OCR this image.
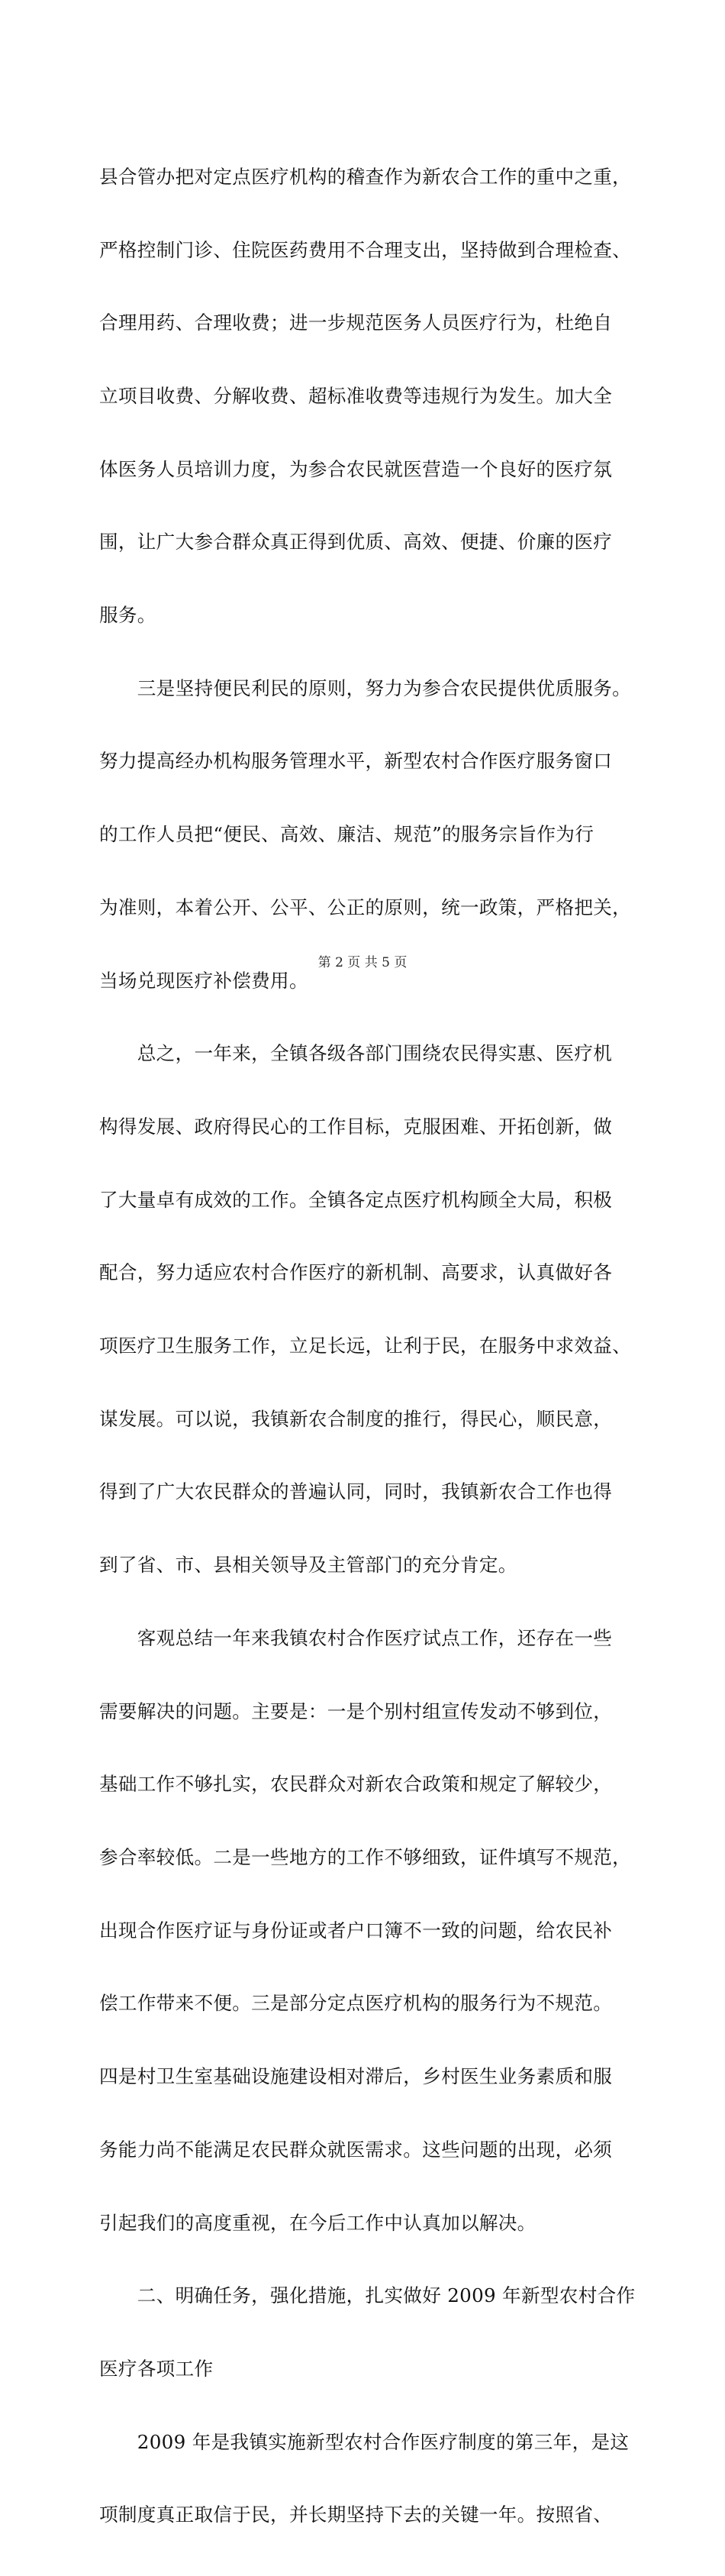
县合管办把对定点医疗机构的稽查作为新农合工作的重中之重，

严格控制门诊、住院医药费用不合理支出，坚持做到合理检查、

合理用药、合理收费；进一步规范医务人员医疗行为，杜绝自

立项目收费、分解收费、超标准收费等违规行为发生。加大全

体医务人员培训力度，为参合农民就医营造一个良好的医疗氛

围，让广大参合群众真正得到优质、高效、便捷、价廉的医疗

服务。

　　三是坚持便民利民的原则，努力为参合农民提供优质服务。

努力提高经办机构服务管理水平，新型农村合作医疗服务窗口

的工作人员把“便民、高效、廉洁、规范”的服务宗旨作为行

为准则，本着公开、公平、公正的原则，统一政策，严格把关，

当场兑现医疗补偿费用。

　　总之，一年来，全镇各级各部门围绕农民得实惠、医疗机

构得发展、政府得民心的工作目标，克服困难、开拓创新，做

了大量卓有成效的工作。全镇各定点医疗机构顾全大局，积极

配合，努力适应农村合作医疗的新机制、高要求，认真做好各

项医疗卫生服务工作，立足长远，让利于民，在服务中求效益、

谋发展。可以说，我镇新农合制度的推行，得民心，顺民意，

得到了广大农民群众的普遍认同，同时，我镇新农合工作也得

到了省、市、县相关领导及主管部门的充分肯定。

　　客观总结一年来我镇农村合作医疗试点工作，还存在一些

需要解决的问题。主要是：一是个别村组宣传发动不够到位，

基础工作不够扎实，农民群众对新农合政策和规定了解较少，

参合率较低。二是一些地方的工作不够细致，证件填写不规范，

出现合作医疗证与身份证或者户口簿不一致的问题，给农民补

偿工作带来不便。三是部分定点医疗机构的服务行为不规范。

四是村卫生室基础设施建设相对滞后，乡村医生业务素质和服

务能力尚不能满足农民群众就医需求。这些问题的出现，必须

引起我们的高度重视，在今后工作中认真加以解决。

　　二、明确任务，强化措施，扎实做好 2009 年新型农村合作

医疗各项工作

　　2009 年是我镇实施新型农村合作医疗制度的第三年，是这

项制度真正取信于民，并长期坚持下去的关键一年。按照省、

第 2 页 共 5 页
